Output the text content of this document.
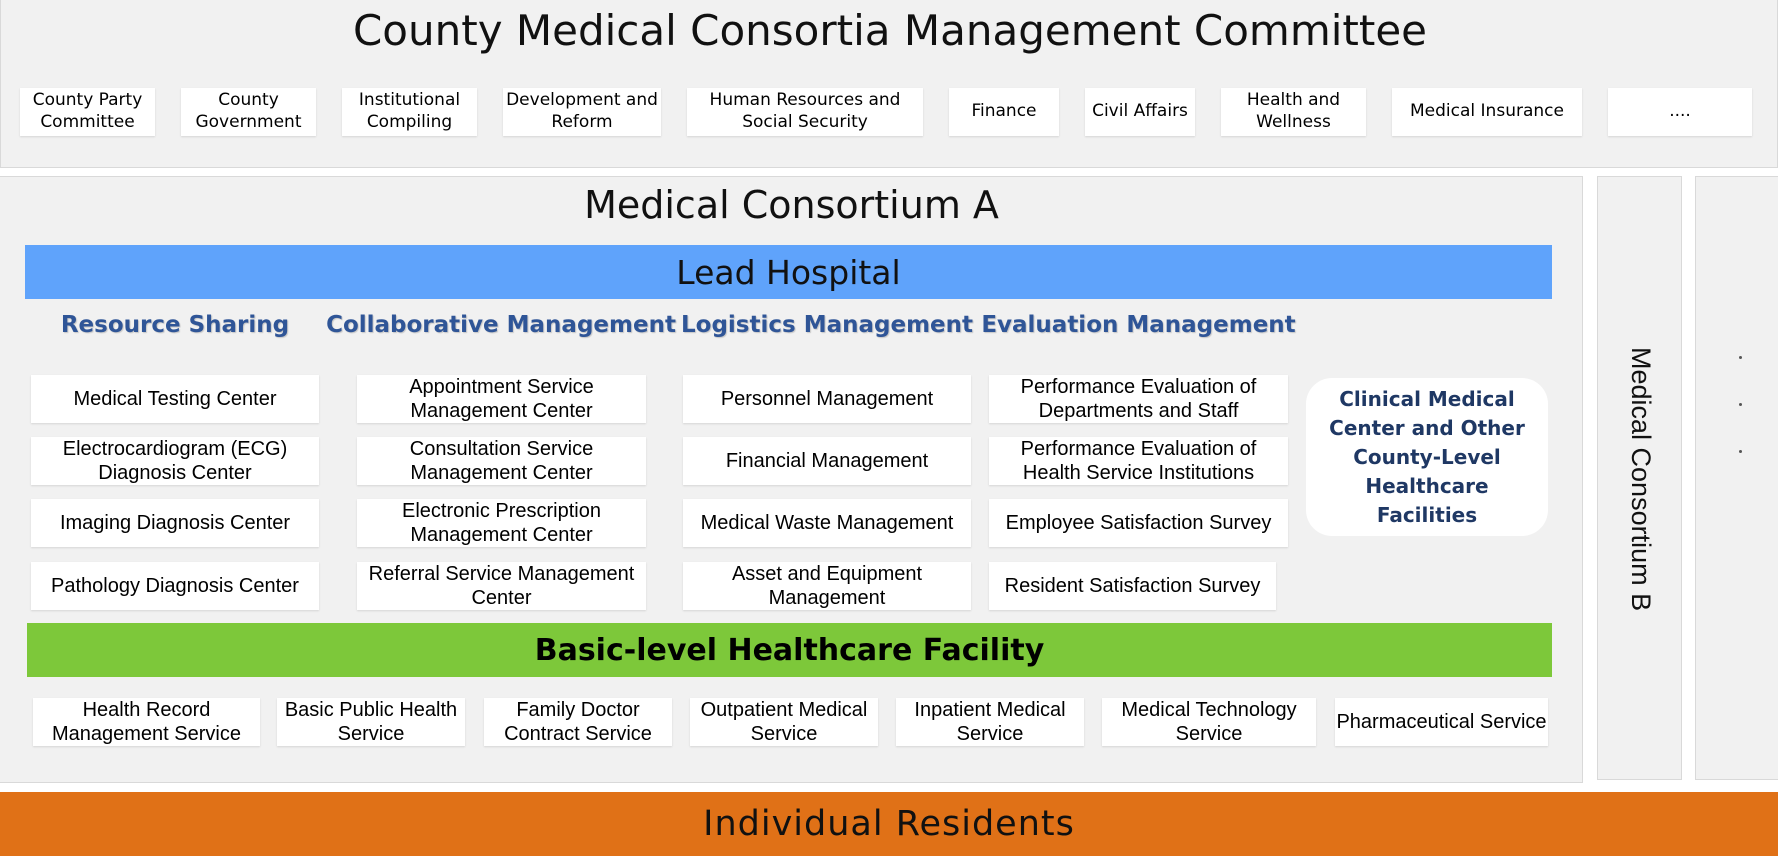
County Medical Consortia Management Committee
County Party Committee
County Government
Institutional Compiling
Development and Reform
Human Resources and Social Security
Finance	Civil Affairs
Health and Wellness
Medical Insurance	....
Medical Consortium A
Lead Hospital
Resource Sharing	Collaborative Management Logistics Management Evaluation Management
Medical Testing Center
Electrocardiogram (ECG) Diagnosis Center
Imaging Diagnosis Center
Pathology Diagnosis Center
Appointment Service Management Center
Consultation Service Management Center
Electronic Prescription Management Center
Referral Service Management Center
Personnel Management
Financial Management
Medical Waste Management
Asset and Equipment Management
Performance Evaluation of Departments and Staff
Performance Evaluation of Health Service Institutions
Employee Satisfaction Survey
Resident Satisfaction Survey
Clinical Medical Center and Other County-Level Healthcare Facilities
Basic-level Healthcare Facility
Health Record Management Service
Basic Public Health Service
Family Doctor Contract Service
Outpatient Medical Service
Inpatient Medical Service
Medical Technology Service
Pharmaceutical Service
Medical Consortium B
Individual Residents
